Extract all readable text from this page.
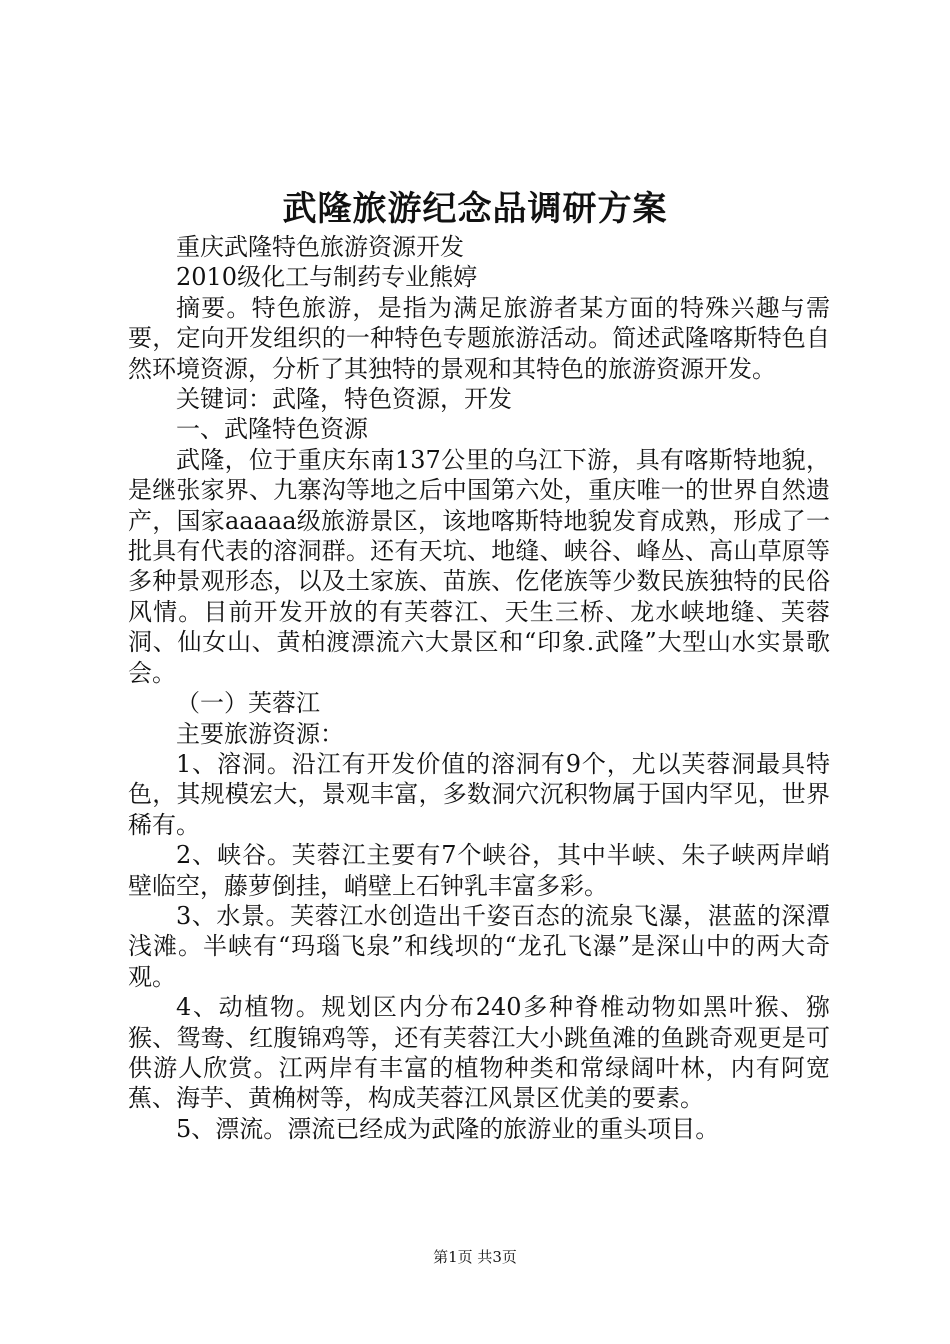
武隆旅游纪念品调研方案

重庆武隆特色旅游资源开发

2010级化工与制药专业熊婷

摘要。特色旅游，是指为满足旅游者某方面的特殊兴趣与需要，定向开发组织的一种特色专题旅游活动。简述武隆喀斯特色自然环境资源，分析了其独特的景观和其特色的旅游资源开发。

关键词：武隆，特色资源，开发

一、武隆特色资源

武隆，位于重庆东南137公里的乌江下游，具有喀斯特地貌，是继张家界、九寨沟等地之后中国第六处，重庆唯一的世界自然遗产，国家aaaaa级旅游景区，该地喀斯特地貌发育成熟，形成了一批具有代表的溶洞群。还有天坑、地缝、峡谷、峰丛、高山草原等多种景观形态，以及土家族、苗族、仡佬族等少数民族独特的民俗风情。目前开发开放的有芙蓉江、天生三桥、龙水峡地缝、芙蓉洞、仙女山、黄柏渡漂流六大景区和“印象.武隆”大型山水实景歌会。

（一）芙蓉江

主要旅游资源：

1、溶洞。沿江有开发价值的溶洞有9个，尤以芙蓉洞最具特色，其规模宏大，景观丰富，多数洞穴沉积物属于国内罕见，世界稀有。

2、峡谷。芙蓉江主要有7个峡谷，其中半峡、朱子峡两岸峭壁临空，藤萝倒挂，峭壁上石钟乳丰富多彩。

3、水景。芙蓉江水创造出千姿百态的流泉飞瀑，湛蓝的深潭浅滩。半峡有“玛瑙飞泉”和线坝的“龙孔飞瀑”是深山中的两大奇观。

4、动植物。规划区内分布240多种脊椎动物如黑叶猴、猕猴、鸳鸯、红腹锦鸡等，还有芙蓉江大小跳鱼滩的鱼跳奇观更是可供游人欣赏。江两岸有丰富的植物种类和常绿阔叶林，内有阿宽蕉、海芋、黄桷树等，构成芙蓉江风景区优美的要素。

5、漂流。漂流已经成为武隆的旅游业的重头项目。

第1页 共3页
